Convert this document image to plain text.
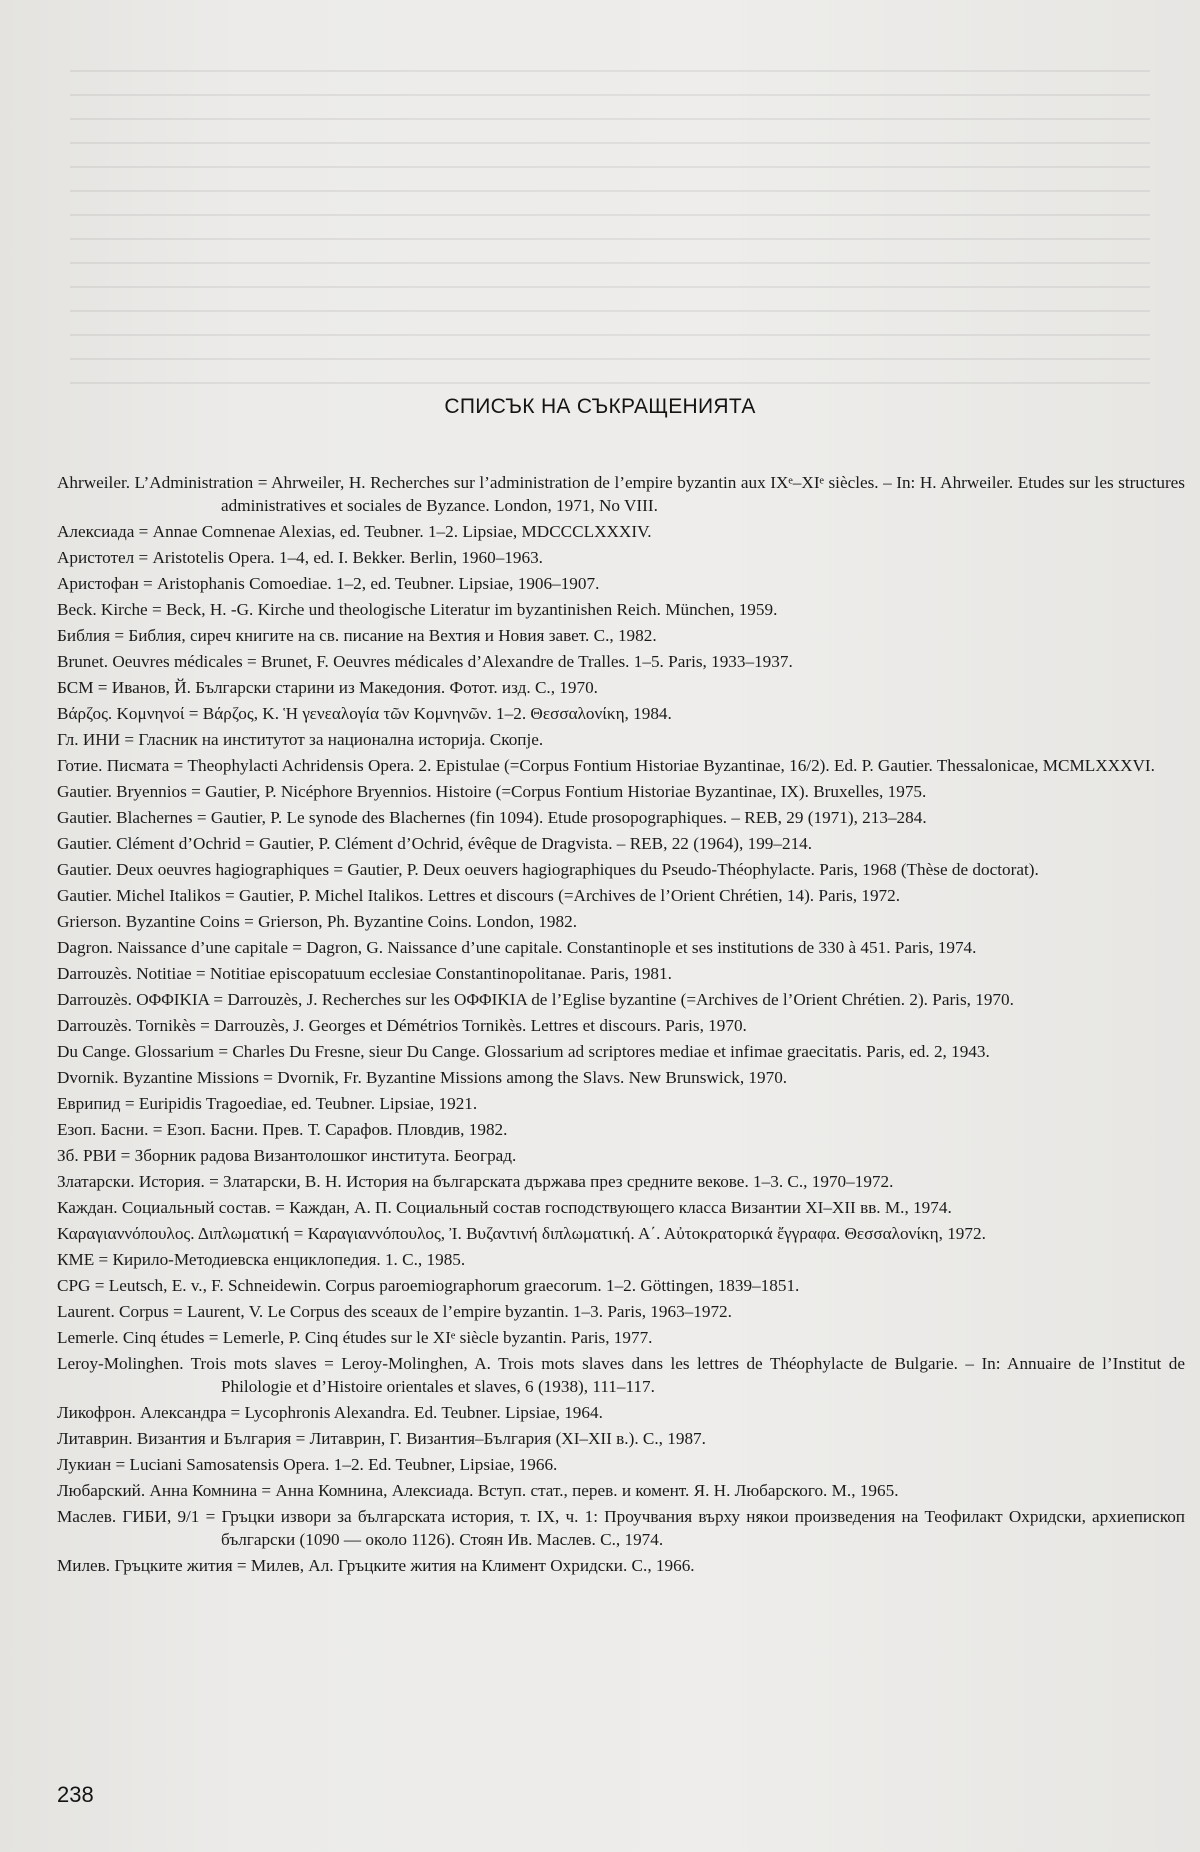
СПИСЪК НА СЪКРАЩЕНИЯТА

Ahrweiler. L’Administration = Ahrweiler, H. Recherches sur l’administration de l’empire byzantin aux IXᵉ–XIᵉ siècles. – In: H. Ahrweiler. Etudes sur les structures administratives et sociales de Byzance. London, 1971, No VIII.

Алексиада = Annae Comnenae Alexias, ed. Teubner. 1–2. Lipsiae, MDCCCLXXXIV.

Аристотел = Aristotelis Opera. 1–4, ed. I. Bekker. Berlin, 1960–1963.

Аристофан = Aristophanis Comoediae. 1–2, ed. Teubner. Lipsiae, 1906–1907.

Beck. Kirche = Beck, H. -G. Kirche und theologische Literatur im byzantinishen Reich. München, 1959.

Библия = Библия, сиреч книгите на св. писание на Вехтия и Новия завет. С., 1982.

Brunet. Oeuvres médicales = Brunet, F. Oeuvres médicales d’Alexandre de Tralles. 1–5. Paris, 1933–1937.

БСМ = Иванов, Й. Български старини из Македония. Фотот. изд. С., 1970.

Βάρζος. Κομνηνοί = Βάρζος, Κ. Ἡ γενεαλογία τῶν Κομνηνῶν. 1–2. Θεσσαλονίκη, 1984.

Гл. ИНИ = Гласник на институтот за национална историја. Скопје.

Готие. Писмата = Theophylacti Achridensis Opera. 2. Epistulae (=Corpus Fontium Historiae Byzantinae, 16/2). Ed. P. Gautier. Thessalonicae, MCMLXXXVI.

Gautier. Bryennios = Gautier, P. Nicéphore Bryennios. Histoire (=Corpus Fontium Historiae Byzantinae, IX). Bruxelles, 1975.

Gautier. Blachernes = Gautier, P. Le synode des Blachernes (fin 1094). Etude prosopographiques. – REB, 29 (1971), 213–284.

Gautier. Clément d’Ochrid = Gautier, P. Clément d’Ochrid, évêque de Dragvista. – REB, 22 (1964), 199–214.

Gautier. Deux oeuvres hagiographiques = Gautier, P. Deux oeuvers hagiographiques du Pseudo-Théophylacte. Paris, 1968 (Thèse de doctorat).

Gautier. Michel Italikos = Gautier, P. Michel Italikos. Lettres et discours (=Archives de l’Orient Chrétien, 14). Paris, 1972.

Grierson. Byzantine Coins = Grierson, Ph. Byzantine Coins. London, 1982.

Dagron. Naissance d’une capitale = Dagron, G. Naissance d’une capitale. Constantinople et ses institutions de 330 à 451. Paris, 1974.

Darrouzès. Notitiae = Notitiae episcopatuum ecclesiae Constantinopolitanae. Paris, 1981.

Darrouzès. ΟΦΦΙΚΙΑ = Darrouzès, J. Recherches sur les ΟΦΦΙΚΙΑ de l’Eglise byzantine (=Archives de l’Orient Chrétien. 2). Paris, 1970.

Darrouzès. Tornikès = Darrouzès, J. Georges et Démétrios Tornikès. Lettres et discours. Paris, 1970.

Du Cange. Glossarium = Charles Du Fresne, sieur Du Cange. Glossarium ad scriptores mediae et infimae graecitatis. Paris, ed. 2, 1943.

Dvornik. Byzantine Missions = Dvornik, Fr. Byzantine Missions among the Slavs. New Brunswick, 1970.

Еврипид = Euripidis Tragoediae, ed. Teubner. Lipsiae, 1921.

Езоп. Басни. = Езоп. Басни. Прев. Т. Сарафов. Пловдив, 1982.

Зб. РВИ = Зборник радова Византолошког института. Београд.

Златарски. История. = Златарски, В. Н. История на българската държава през средните векове. 1–3. С., 1970–1972.

Каждан. Социальный состав. = Каждан, А. П. Социальный состав господствующего класса Византии XI–XII вв. М., 1974.

Καραγιαννόπουλος. Διπλωματική = Καραγιαννόπουλος, Ἰ. Βυζαντινή διπλωματική. Α΄. Αὐτοκρατορικά ἔγγραφα. Θεσσαλονίκη, 1972.

КМЕ = Кирило-Методиевска енциклопедия. 1. С., 1985.

CPG = Leutsch, E. v., F. Schneidewin. Corpus paroemiographorum graecorum. 1–2. Göttingen, 1839–1851.

Laurent. Corpus = Laurent, V. Le Corpus des sceaux de l’empire byzantin. 1–3. Paris, 1963–1972.

Lemerle. Cinq études = Lemerle, P. Cinq études sur le XIᵉ siècle byzantin. Paris, 1977.

Leroy-Molinghen. Trois mots slaves = Leroy-Molinghen, A. Trois mots slaves dans les lettres de Théophylacte de Bulgarie. – In: Annuaire de l’Institut de Philologie et d’Histoire orientales et slaves, 6 (1938), 111–117.

Ликофрон. Александра = Lycophronis Alexandra. Ed. Teubner. Lipsiae, 1964.

Литаврин. Византия и България = Литаврин, Г. Византия–България (XI–XII в.). С., 1987.

Лукиан = Luciani Samosatensis Opera. 1–2. Ed. Teubner, Lipsiae, 1966.

Любарский. Анна Комнина = Анна Комнина, Алексиада. Вступ. стат., перев. и комент. Я. Н. Любарского. М., 1965.

Маслев. ГИБИ, 9/1 = Гръцки извори за българската история, т. IX, ч. 1: Проучвания върху някои произведения на Теофилакт Охридски, архиепископ български (1090 — около 1126). Стоян Ив. Маслев. С., 1974.

Милев. Гръцките жития = Милев, Ал. Гръцките жития на Климент Охридски. С., 1966.

238
